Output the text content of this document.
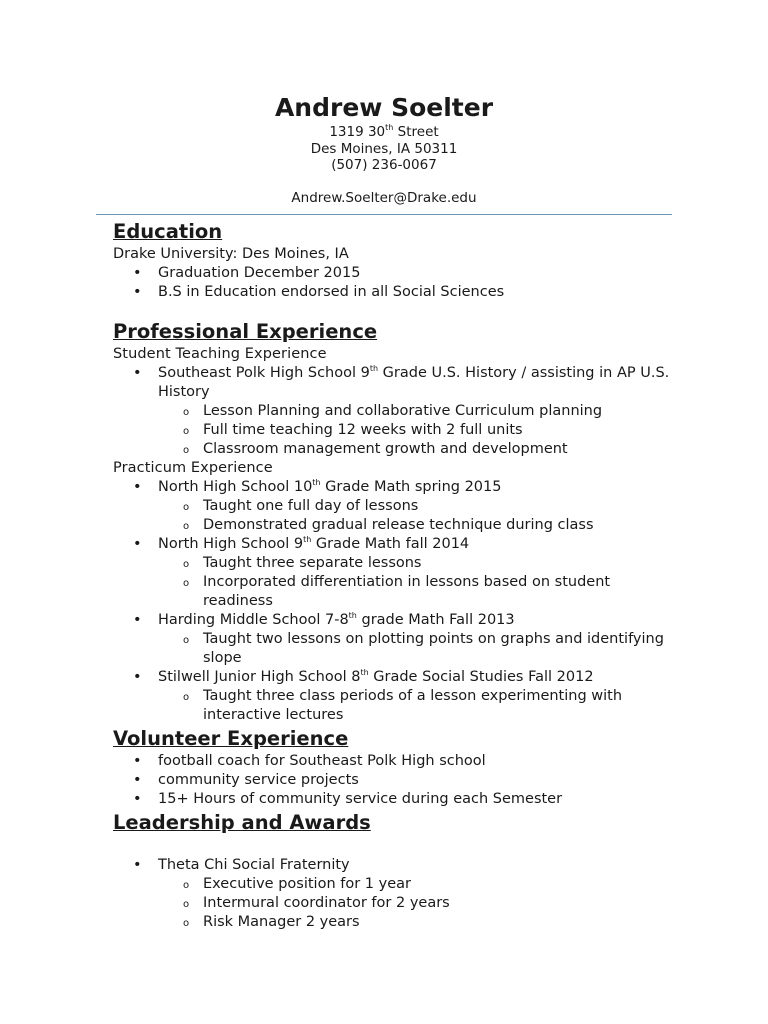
Andrew Soelter
1319 30th Street
Des Moines, IA 50311
(507) 236-0067
Andrew.Soelter@Drake.edu
Education
Drake University: Des Moines, IA
• Graduation December 2015
• B.S in Education endorsed in all Social Sciences
Professional Experience
Student Teaching Experience
• Southeast Polk High School 9th Grade U.S. History / assisting in AP U.S. History
o Lesson Planning and collaborative Curriculum planning
o Full time teaching 12 weeks with 2 full units
o Classroom management growth and development
Practicum Experience
• North High School 10th Grade Math spring 2015
o Taught one full day of lessons
o Demonstrated gradual release technique during class
• North High School 9th Grade Math fall 2014
o Taught three separate lessons
o Incorporated differentiation in lessons based on student readiness
• Harding Middle School 7-8th grade Math Fall 2013
o Taught two lessons on plotting points on graphs and identifying slope
• Stilwell Junior High School 8th Grade Social Studies Fall 2012
o Taught three class periods of a lesson experimenting with interactive lectures
Volunteer Experience
• football coach for Southeast Polk High school
• community service projects
• 15+ Hours of community service during each Semester
Leadership and Awards
• Theta Chi Social Fraternity
o Executive position for 1 year
o Intermural coordinator for 2 years
o Risk Manager 2 years
